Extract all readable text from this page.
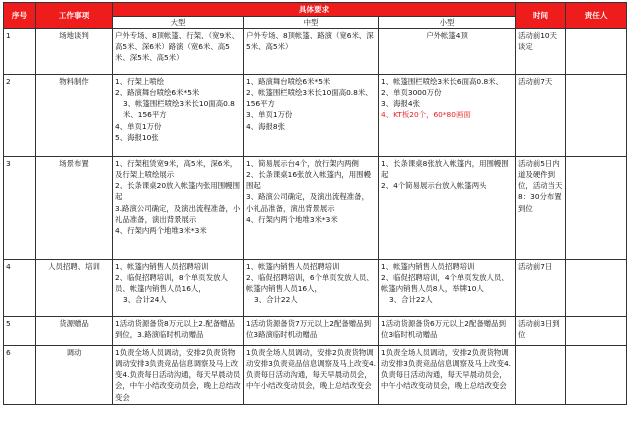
序号	工作事项	具体要求			时间	责任人
		大型	中型	小型		
1	场地谈判	户外专场、8顶帐篷、行架、（宽9米、高5米、深6米）路演（宽6米、高5米、深5米、高5米）	户外专场、8顶帐篷、路演（宽6米、深5米、高5米）	户外帐篷4顶	活动前10天谈定	
2	物料制作	1、行架上喷绘
2、路演舞台喷绘6米*5米
3、帐篷围栏喷绘3米长10面高0.8米、156平方
4、单页1万份
5、海报10张	1、路演舞台喷绘6米*5米
2、帐篷围栏喷绘3米长10面高0.8米、156平方
3、单页1万份
4、海报8张	1、帐篷围栏喷绘3米长6面高0.8米、
2、单页3000万份
3、海报4张
4、KT板20个，60*80画面	活动前7天	
3	场景布置	1、行架租赁宽9米，高5米，深6米，及行架上喷绘展示
2、长条课桌20放入帐篷内张用围幔围起
3.路演公司确定，及演出流程准备，小礼品准备，演出背景展示
4、行架内两个地堆3米*3米	1、简易展示台4个，放行架内两侧
2、长条课桌16张放入帐篷内，用围幔围起
3、路演公司确定，及演出流程准备，小礼品准备，演出背景展示
4、行架内两个地堆3米*3米	1、长条课桌8张放入帐篷内，用围幔围起
2、4个简易展示台放入帐篷两头	活动前5日内道及硬件到位，活动当天8：30分布置到位	
4	人员招聘、培训	1、帐篷内销售人员招聘培训
2、临促招聘培训，8个单页发放人员、帐篷内销售人员16人，
3、合计24人	1、帐篷内销售人员招聘培训
2、临促招聘培训，6个单页发放人员、帐篷内销售人员16人，
3、合计22人	1、帐篷内销售人员招聘培训
2、临促招聘培训，4个单页发放人员、帐篷内销售人员8人，举牌10人
3、合计22人	活动前7日	
5	货源赠品	1活动货源备货8万元以上2.配备赠品到位，3.路演临时机动赠品	1活动货源备货7万元以上2配备赠品到位3路演临时机动赠品	1活动货源备货6万元以上2配备赠品到位3临时机动赠品	活动前3日到位	
6	调动	1负责全场人员调动，安排2负责货物调动安排3负责竞品信息调察及马上改变4.负责每日活动沟通，每天早晨动员会，中午小结改变动员会，晚上总结改变会	1负责全场人员调动，安排2负责货物调动安排3负责竞品信息调察及马上改变4.负责每日活动沟通，每天早晨动员会，中午小结改变动员会，晚上总结改变会	1负责全场人员调动，安排2负责货物调动安排3负责竞品信息调察及马上改变4.负责每日活动沟通，每天早晨动员会，中午小结改变动员会，晚上总结改变会		
